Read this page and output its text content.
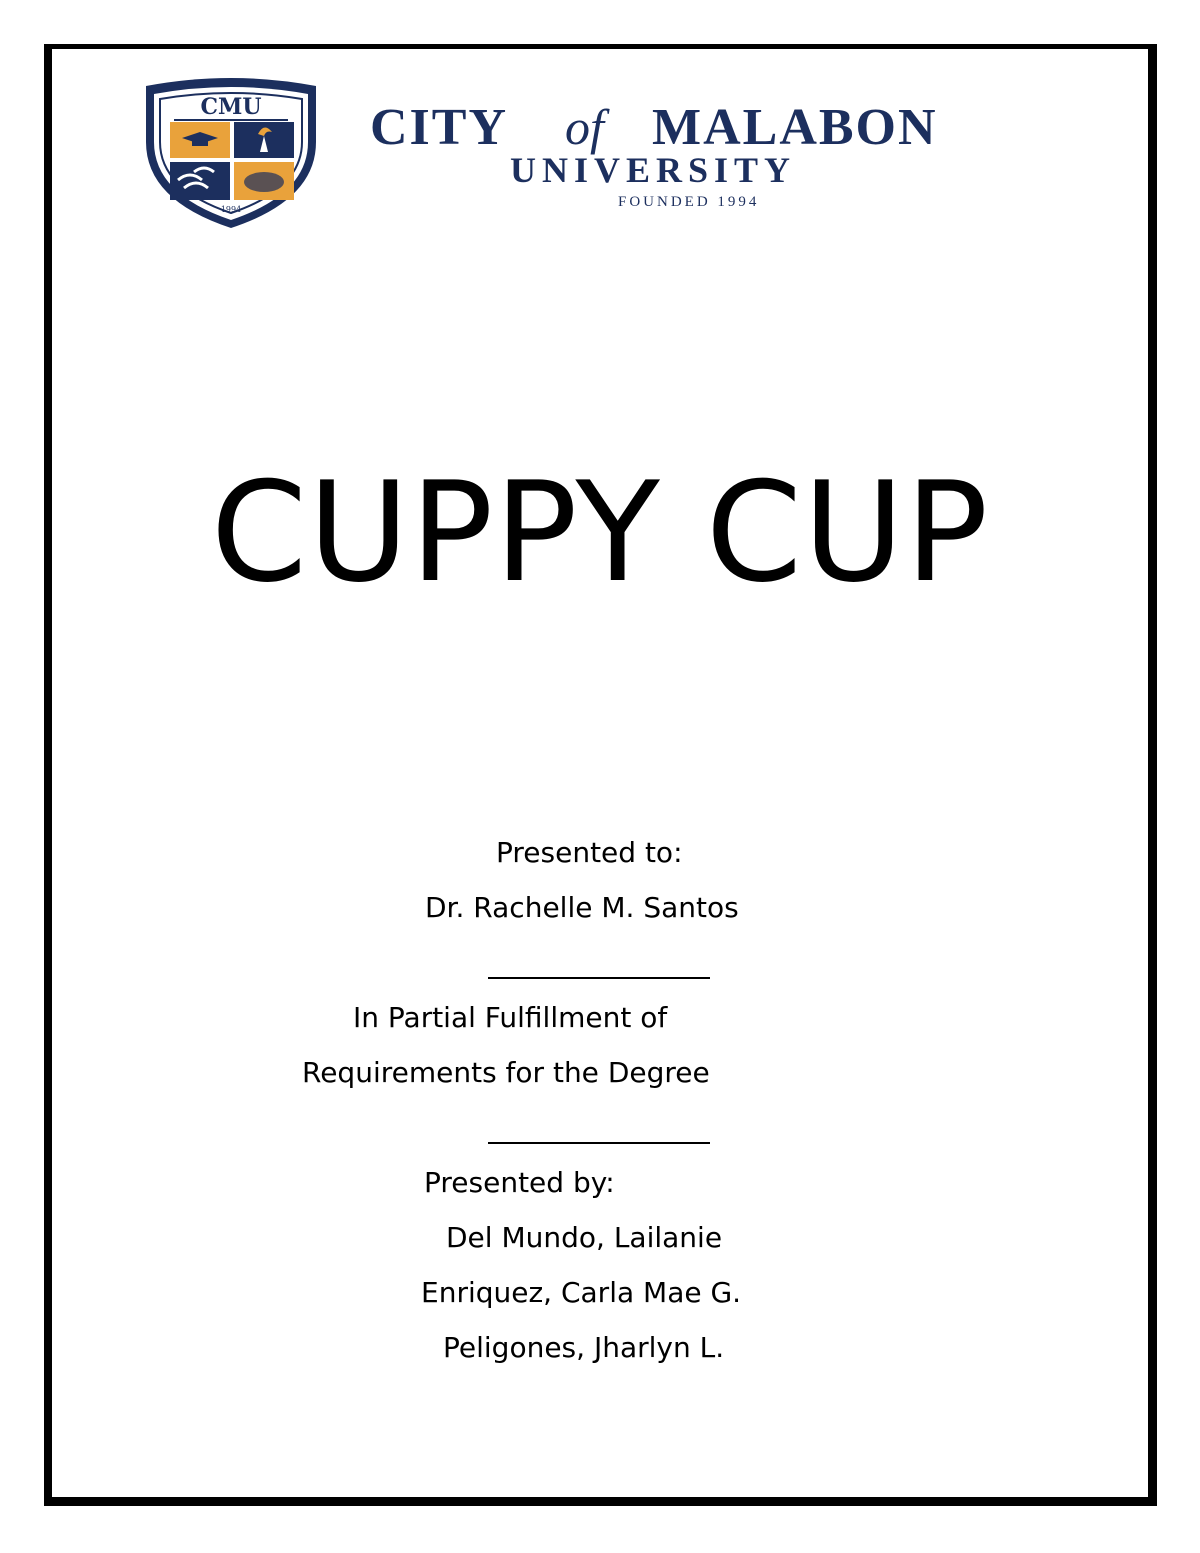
CMU
1994
CITY of MALABON
UNIVERSITY
FOUNDED 1994
CUPPY CUP
Presented to:
Dr. Rachelle M. Santos
In Partial Fulfillment of
Requirements for the Degree
Presented by:
Del Mundo, Lailanie
Enriquez, Carla Mae G.
Peligones, Jharlyn L.
